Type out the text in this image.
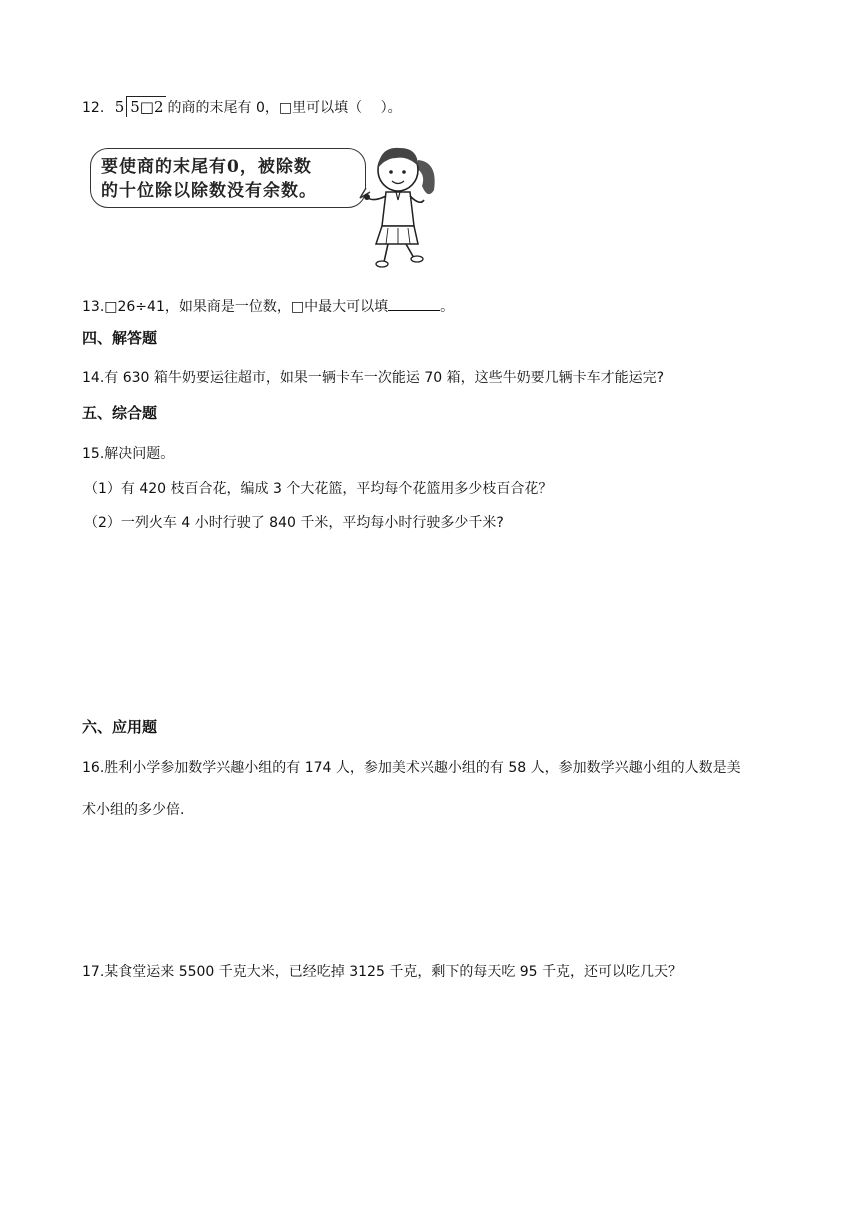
12. 5 5□2 的商的末尾有 0，□里可以填（　 ）。
要使商的末尾有0，被除数
的十位除以除数没有余数。
13.□26÷41，如果商是一位数，□中最大可以填	。
四、解答题
14.有 630 箱牛奶要运往超市，如果一辆卡车一次能运 70 箱，这些牛奶要几辆卡车才能运完?
五、综合题
15.解决问题。
（1）有 420 枝百合花，编成 3 个大花篮，平均每个花篮用多少枝百合花？
（2）一列火车 4 小时行驶了 840 千米，平均每小时行驶多少千米?
六、应用题
16.胜利小学参加数学兴趣小组的有 174 人，参加美术兴趣小组的有 58 人，参加数学兴趣小组的人数是美
术小组的多少倍.
17.某食堂运来 5500 千克大米，已经吃掉 3125 千克，剩下的每天吃 95 千克，还可以吃几天？
